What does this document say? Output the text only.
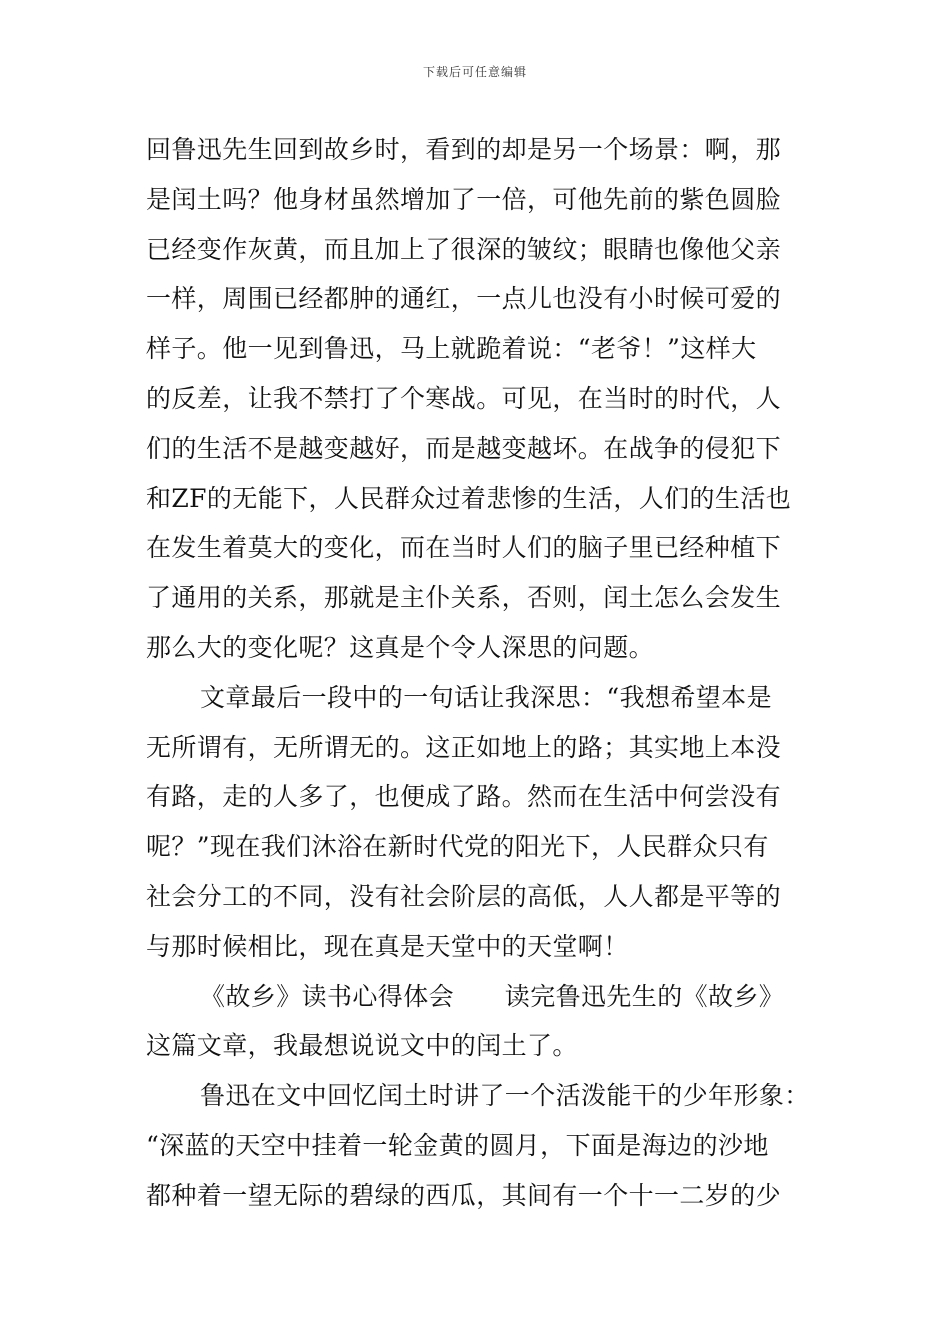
下载后可任意编辑
回鲁迅先生回到故乡时，看到的却是另一个场景：啊，那
是闰土吗？他身材虽然增加了一倍，可他先前的紫色圆脸
已经变作灰黄，而且加上了很深的皱纹；眼睛也像他父亲
一样，周围已经都肿的通红，一点儿也没有小时候可爱的
样子。他一见到鲁迅，马上就跪着说：“老爷！”这样大
的反差，让我不禁打了个寒战。可见，在当时的时代，人
们的生活不是越变越好，而是越变越坏。在战争的侵犯下
和ZF的无能下，人民群众过着悲惨的生活，人们的生活也
在发生着莫大的变化，而在当时人们的脑子里已经种植下
了通用的关系，那就是主仆关系，否则，闰土怎么会发生
那么大的变化呢？这真是个令人深思的问题。
文章最后一段中的一句话让我深思：“我想希望本是
无所谓有，无所谓无的。这正如地上的路；其实地上本没
有路，走的人多了，也便成了路。然而在生活中何尝没有
呢？”现在我们沐浴在新时代党的阳光下，人民群众只有
社会分工的不同，没有社会阶层的高低，人人都是平等的
与那时候相比，现在真是天堂中的天堂啊！
《故乡》读书心得体会　　读完鲁迅先生的《故乡》
这篇文章，我最想说说文中的闰土了。
鲁迅在文中回忆闰土时讲了一个活泼能干的少年形象：
“深蓝的天空中挂着一轮金黄的圆月，下面是海边的沙地
都种着一望无际的碧绿的西瓜，其间有一个十一二岁的少
